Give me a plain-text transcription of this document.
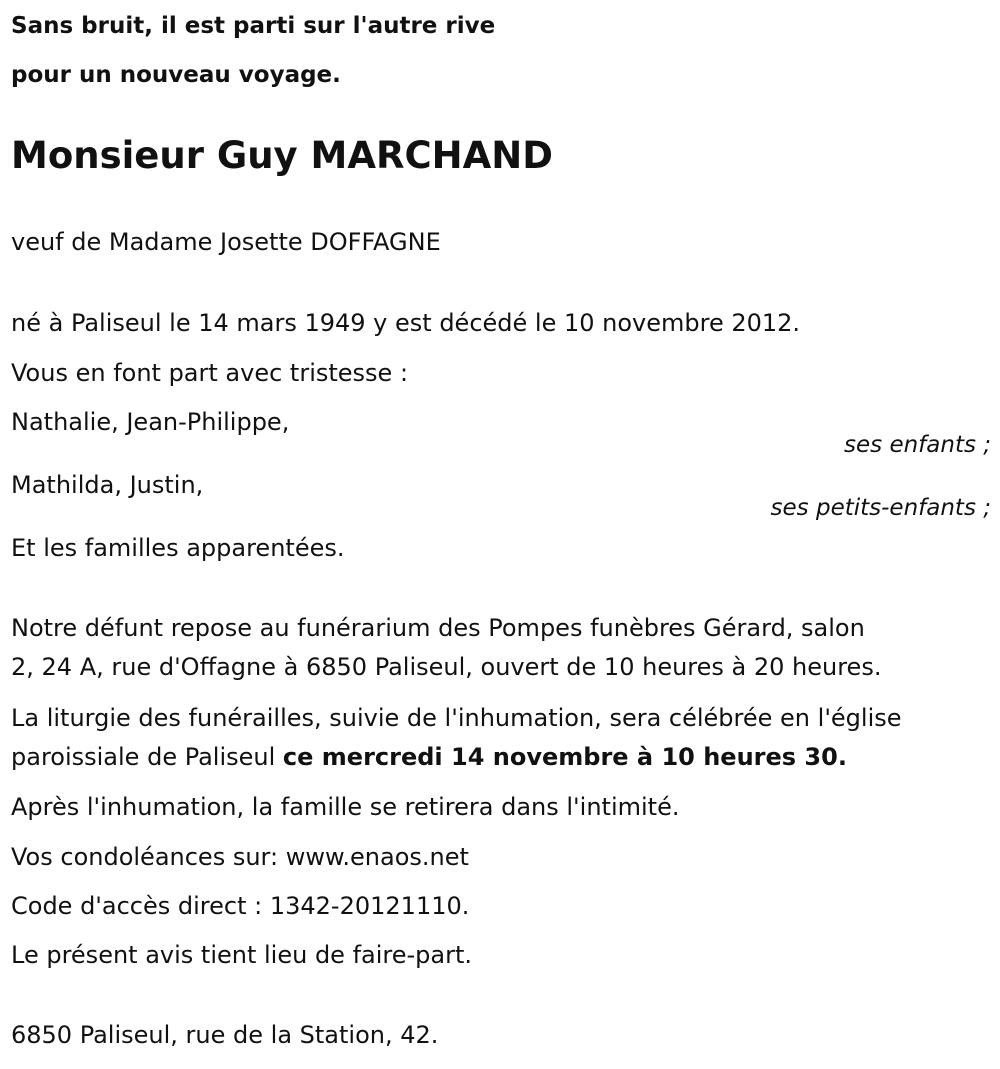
Sans bruit, il est parti sur l'autre rive
pour un nouveau voyage.
Monsieur Guy MARCHAND
veuf de Madame Josette DOFFAGNE
né à Paliseul le 14 mars 1949 y est décédé le 10 novembre 2012.
Vous en font part avec tristesse :
Nathalie, Jean-Philippe,
ses enfants ;
Mathilda, Justin,
ses petits-enfants ;
Et les familles apparentées.
Notre défunt repose au funérarium des Pompes funèbres Gérard, salon
2, 24 A, rue d'Offagne à 6850 Paliseul, ouvert de 10 heures à 20 heures.
La liturgie des funérailles, suivie de l'inhumation, sera célébrée en l'église
paroissiale de Paliseul ce mercredi 14 novembre à 10 heures 30.
Après l'inhumation, la famille se retirera dans l'intimité.
Vos condoléances sur: www.enaos.net
Code d'accès direct : 1342-20121110.
Le présent avis tient lieu de faire-part.
6850 Paliseul, rue de la Station, 42.
